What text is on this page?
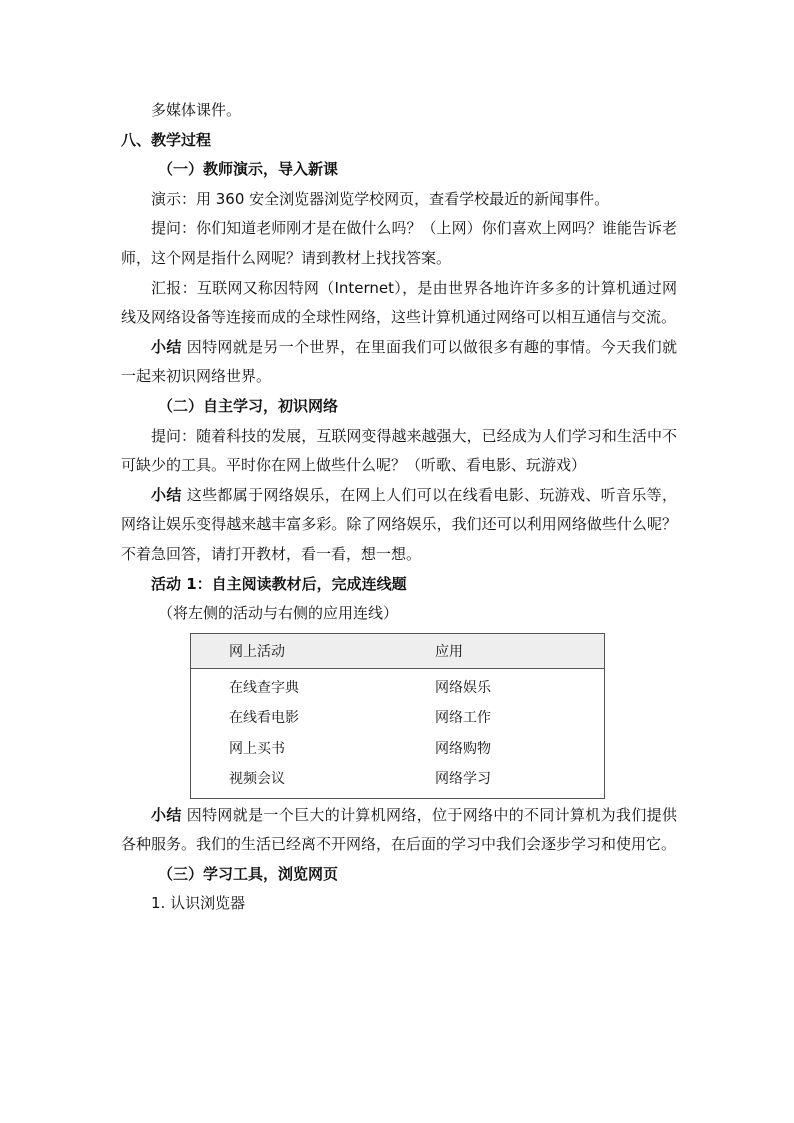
多媒体课件。

八、教学过程

（一）教师演示，导入新课

演示：用 360 安全浏览器浏览学校网页，查看学校最近的新闻事件。

提问：你们知道老师刚才是在做什么吗？（上网）你们喜欢上网吗？谁能告诉老师，这个网是指什么网呢？请到教材上找找答案。

汇报：互联网又称因特网（Internet），是由世界各地许许多多的计算机通过网线及网络设备等连接而成的全球性网络，这些计算机通过网络可以相互通信与交流。

小结 因特网就是另一个世界，在里面我们可以做很多有趣的事情。今天我们就一起来初识网络世界。

（二）自主学习，初识网络

提问：随着科技的发展，互联网变得越来越强大，已经成为人们学习和生活中不可缺少的工具。平时你在网上做些什么呢？（听歌、看电影、玩游戏）

小结 这些都属于网络娱乐，在网上人们可以在线看电影、玩游戏、听音乐等，网络让娱乐变得越来越丰富多彩。除了网络娱乐，我们还可以利用网络做些什么呢？不着急回答，请打开教材，看一看，想一想。

活动 1：自主阅读教材后，完成连线题

（将左侧的活动与右侧的应用连线）

网上活动	应用
在线查字典	网络娱乐
在线看电影	网络工作
网上买书	网络购物
视频会议	网络学习

小结 因特网就是一个巨大的计算机网络，位于网络中的不同计算机为我们提供各种服务。我们的生活已经离不开网络，在后面的学习中我们会逐步学习和使用它。

（三）学习工具，浏览网页

1. 认识浏览器
